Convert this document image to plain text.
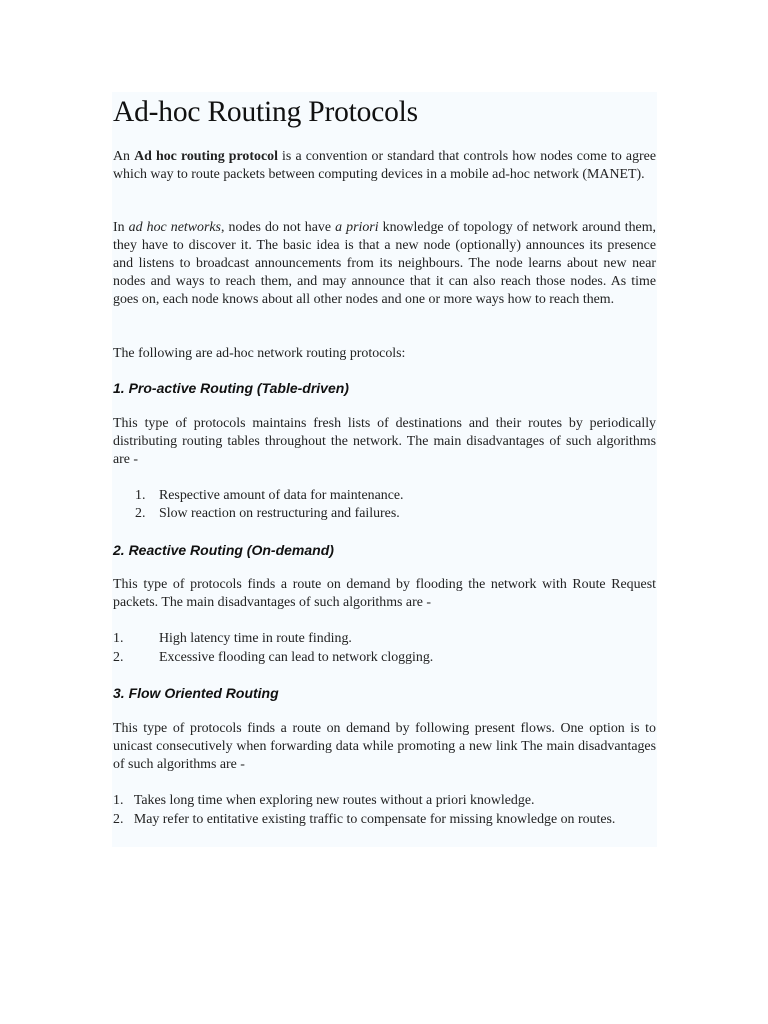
Ad-hoc Routing Protocols

An Ad hoc routing protocol is a convention or standard that controls how nodes come to agree which way to route packets between computing devices in a mobile ad-hoc network (MANET).

In ad hoc networks, nodes do not have a priori knowledge of topology of network around them, they have to discover it. The basic idea is that a new node (optionally) announces its presence and listens to broadcast announcements from its neighbours. The node learns about new near nodes and ways to reach them, and may announce that it can also reach those nodes. As time goes on, each node knows about all other nodes and one or more ways how to reach them.

The following are ad-hoc network routing protocols:

1. Pro-active Routing (Table-driven)

This type of protocols maintains fresh lists of destinations and their routes by periodically distributing routing tables throughout the network. The main disadvantages of such algorithms are -

1. Respective amount of data for maintenance.
2. Slow reaction on restructuring and failures.
2. Reactive Routing (On-demand)

This type of protocols finds a route on demand by flooding the network with Route Request packets. The main disadvantages of such algorithms are -

1.	High latency time in route finding.
2.	Excessive flooding can lead to network clogging.
3. Flow Oriented Routing

This type of protocols finds a route on demand by following present flows. One option is to unicast consecutively when forwarding data while promoting a new link The main disadvantages of such algorithms are -

1. Takes long time when exploring new routes without a priori knowledge.
2. May refer to entitative existing traffic to compensate for missing knowledge on routes.
